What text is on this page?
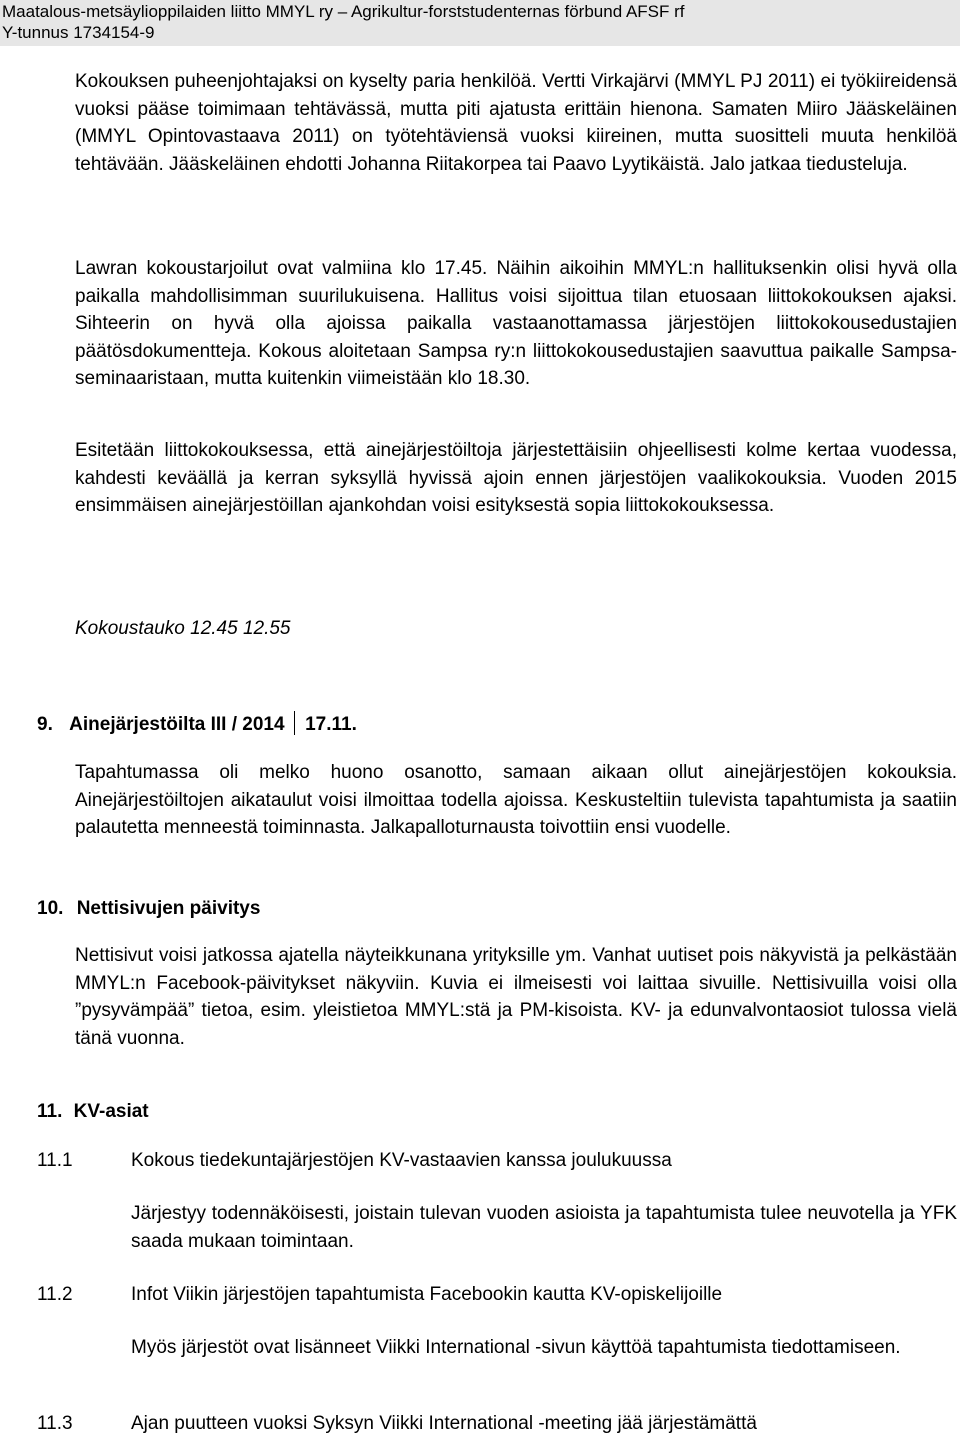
Maatalous-metsäylioppilaiden liitto MMYL ry – Agrikultur-forststudenternas förbund AFSF rf
Y-tunnus 1734154-9

Kokouksen puheenjohtajaksi on kyselty paria henkilöä. Vertti Virkajärvi (MMYL PJ 2011) ei työkiireidensä vuoksi pääse toimimaan tehtävässä, mutta piti ajatusta erittäin hienona. Samaten Miiro Jääskeläinen (MMYL Opintovastaava 2011) on työtehtäviensä vuoksi kiireinen, mutta suositteli muuta henkilöä tehtävään. Jääskeläinen ehdotti Johanna Riitakorpea tai Paavo Lyytikäistä. Jalo jatkaa tiedusteluja.

Lawran kokoustarjoilut ovat valmiina klo 17.45. Näihin aikoihin MMYL:n hallituksenkin olisi hyvä olla paikalla mahdollisimman suurilukuisena. Hallitus voisi sijoittua tilan etuosaan liittokokouksen ajaksi. Sihteerin on hyvä olla ajoissa paikalla vastaanottamassa järjestöjen liittokokousedustajien päätösdokumentteja. Kokous aloitetaan Sampsa ry:n liittokokousedustajien saavuttua paikalle Sampsa-seminaaristaan, mutta kuitenkin viimeistään klo 18.30.

Esitetään liittokokouksessa, että ainejärjestöiltoja järjestettäisiin ohjeellisesti kolme kertaa vuodessa, kahdesti keväällä ja kerran syksyllä hyvissä ajoin ennen järjestöjen vaalikokouksia. Vuoden 2015 ensimmäisen ainejärjestöillan ajankohdan voisi esityksestä sopia liittokokouksessa.

Kokoustauko 12.45 12.55
9. Ainejärjestöilta III / 2014 17.11.

Tapahtumassa oli melko huono osanotto, samaan aikaan ollut ainejärjestöjen kokouksia. Ainejärjestöiltojen aikataulut voisi ilmoittaa todella ajoissa. Keskusteltiin tulevista tapahtumista ja saatiin palautetta menneestä toiminnasta. Jalkapalloturnausta toivottiin ensi vuodelle.

10. Nettisivujen päivitys

Nettisivut voisi jatkossa ajatella näyteikkunana yrityksille ym. Vanhat uutiset pois näkyvistä ja pelkästään MMYL:n Facebook-päivitykset näkyviin. Kuvia ei ilmeisesti voi laittaa sivuille. Nettisivuilla voisi olla ”pysyvämpää” tietoa, esim. yleistietoa MMYL:stä ja PM-kisoista. KV- ja edunvalvontaosiot tulossa vielä tänä vuonna.

11. KV-asiat
11.1	Kokous tiedekuntajärjestöjen KV-vastaavien kanssa joulukuussa

Järjestyy todennäköisesti, joistain tulevan vuoden asioista ja tapahtumista tulee neuvotella ja YFK saada mukaan toimintaan.

11.2	Infot Viikin järjestöjen tapahtumista Facebookin kautta KV-opiskelijoille

Myös järjestöt ovat lisänneet Viikki International -sivun käyttöä tapahtumista tiedottamiseen.

11.3	Ajan puutteen vuoksi Syksyn Viikki International -meeting jää järjestämättä
